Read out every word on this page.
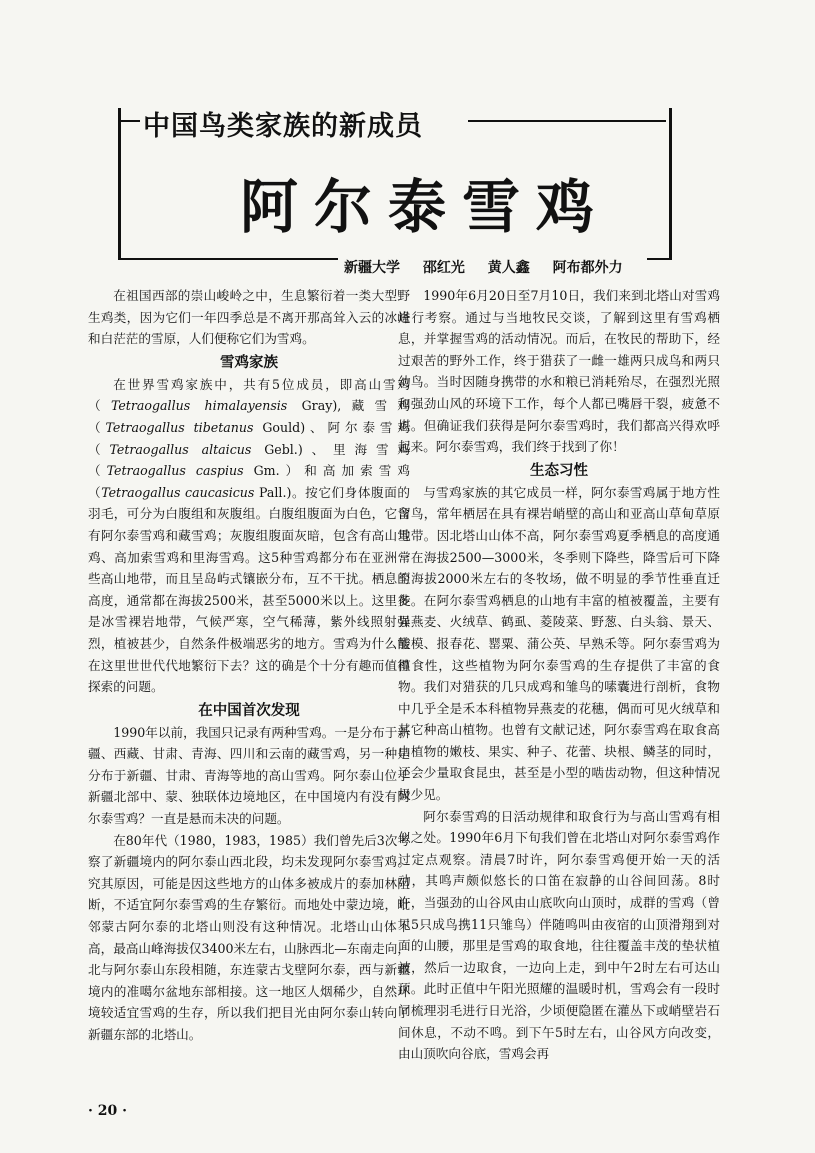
中国鸟类家族的新成员
阿尔泰雪鸡
新疆大学 邵红光 黄人鑫 阿布都外力

在祖国西部的崇山峻岭之中，生息繁衍着一类大型野生鸡类，因为它们一年四季总是不离开那高耸入云的冰峰和白茫茫的雪原，人们便称它们为雪鸡。

雪鸡家族

在世界雪鸡家族中，共有5位成员，即高山雪鸡（Tetraogallus himalayensis Gray),藏雪鸡（Tetraogallus tibetanus Gould)、阿尔泰雪鸡（Tetraogallus altaicus Gebl.)、里海雪鸡（Tetraogallus caspius Gm.）和高加索雪鸡（Tetraogallus caucasicus Pall.)。按它们身体腹面的羽毛，可分为白腹组和灰腹组。白腹组腹面为白色，它含有阿尔泰雪鸡和藏雪鸡；灰腹组腹面灰暗，包含有高山雪鸡、高加索雪鸡和里海雪鸡。这5种雪鸡都分布在亚洲一些高山地带，而且呈岛屿式镶嵌分布，互不干扰。栖息的高度，通常都在海拔2500米，甚至5000米以上。这里多是冰雪裸岩地带，气候严寒，空气稀薄，紫外线照射强烈，植被甚少，自然条件极端恶劣的地方。雪鸡为什么能在这里世世代代地繁衍下去？这的确是个十分有趣而值得探索的问题。

在中国首次发现

1990年以前，我国只记录有两种雪鸡。一是分布于新疆、西藏、甘肃、青海、四川和云南的藏雪鸡，另一种是分布于新疆、甘肃、青海等地的高山雪鸡。阿尔泰山位于新疆北部中、蒙、独联体边境地区，在中国境内有没有阿尔泰雪鸡？一直是悬而未决的问题。

在80年代（1980，1983，1985）我们曾先后3次考察了新疆境内的阿尔泰山西北段，均未发现阿尔泰雪鸡。究其原因，可能是因这些地方的山体多被成片的泰加林阻断，不适宜阿尔泰雪鸡的生存繁衍。而地处中蒙边境，毗邻蒙古阿尔泰的北塔山则没有这种情况。北塔山山体不高，最高山峰海拔仅3400米左右，山脉西北—东南走向，北与阿尔泰山东段相随，东连蒙古戈壁阿尔泰，西与新疆境内的准噶尔盆地东部相接。这一地区人烟稀少，自然环境较适宜雪鸡的生存，所以我们把目光由阿尔泰山转向了新疆东部的北塔山。

1990年6月20日至7月10日，我们来到北塔山对雪鸡进行考察。通过与当地牧民交谈，了解到这里有雪鸡栖息，并掌握雪鸡的活动情况。而后，在牧民的帮助下，经过艰苦的野外工作，终于猎获了一雌一雄两只成鸟和两只幼鸟。当时因随身携带的水和粮已消耗殆尽，在强烈光照和强劲山风的环境下工作，每个人都已嘴唇干裂，疲惫不堪。但确证我们获得是阿尔泰雪鸡时，我们都高兴得欢呼起来。阿尔泰雪鸡，我们终于找到了你！

生态习性

与雪鸡家族的其它成员一样，阿尔泰雪鸡属于地方性留鸟，常年栖居在具有裸岩峭壁的高山和亚高山草甸草原地带。因北塔山山体不高，阿尔泰雪鸡夏季栖息的高度通常在海拔2500—3000米，冬季则下降些，降雪后可下降至海拔2000米左右的冬牧场，做不明显的季节性垂直迁徙。在阿尔泰雪鸡栖息的山地有丰富的植被覆盖，主要有异燕麦、火绒草、鹤虱、菱陵菜、野葱、白头翁、景天、酸模、报春花、罂粟、蒲公英、早熟禾等。阿尔泰雪鸡为植食性，这些植物为阿尔泰雪鸡的生存提供了丰富的食物。我们对猎获的几只成鸡和雏鸟的嗉囊进行剖析，食物中几乎全是禾本科植物异燕麦的花穗，偶而可见火绒草和其它种高山植物。也曾有文献记述，阿尔泰雪鸡在取食高山植物的嫩枝、果实、种子、花蕾、块根、鳞茎的同时，还会少量取食昆虫，甚至是小型的啮齿动物，但这种情况极少见。

阿尔泰雪鸡的日活动规律和取食行为与高山雪鸡有相似之处。1990年6月下旬我们曾在北塔山对阿尔泰雪鸡作过定点观察。清晨7时许，阿尔泰雪鸡便开始一天的活动，其鸣声颇似悠长的口笛在寂静的山谷间回荡。8时许，当强劲的山谷风由山底吹向山顶时，成群的雪鸡（曾见5只成鸟携11只雏鸟）伴随鸣叫由夜宿的山顶滑翔到对面的山腰，那里是雪鸡的取食地，往往覆盖丰茂的垫状植被，然后一边取食，一边向上走，到中午2时左右可达山顶。此时正值中午阳光照耀的温暖时机，雪鸡会有一段时间梳理羽毛进行日光浴，少顷便隐匿在灌丛下或峭壁岩石间休息，不动不鸣。到下午5时左右，山谷风方向改变，由山顶吹向谷底，雪鸡会再

· 20 ·
